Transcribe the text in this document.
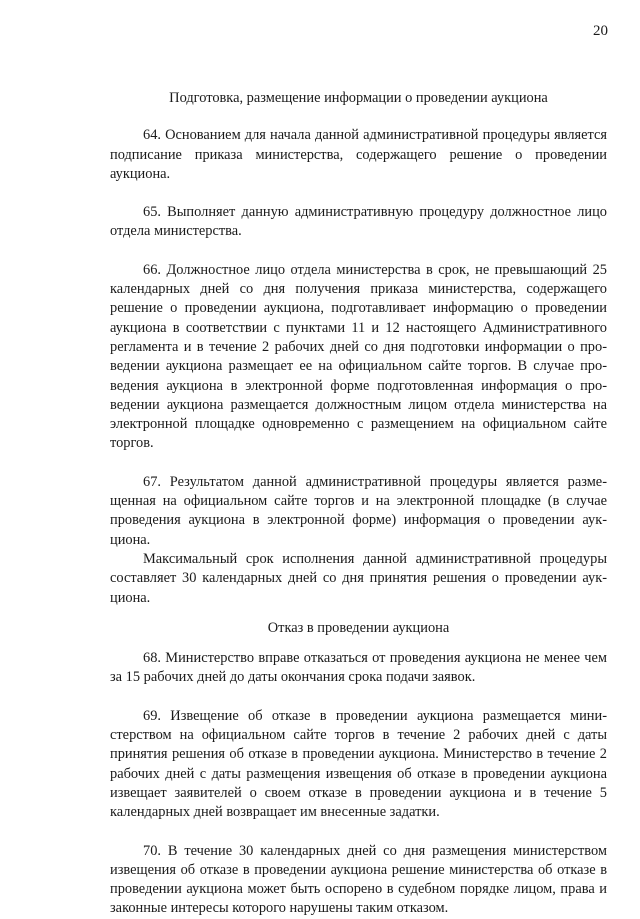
20

Подготовка, размещение информации о проведении аукциона

64. Основанием для начала данной административной процедуры является подписание приказа министерства, содержащего решение о проведении аукциона.

65. Выполняет данную административную процедуру должностное лицо отдела министерства.

66. Должностное лицо отдела министерства в срок, не превышающий 25 календарных дней со дня получения приказа министерства, содержащего решение о проведении аукциона, подготавливает информацию о проведении аукциона в соответствии с пунктами 11 и 12 настоящего Административного регламента и в течение 2 рабочих дней со дня подготовки информации о проведении аукциона размещает ее на официальном сайте торгов. В случае проведения аукциона в электронной форме подготовленная информация о проведении аукциона размещается должностным лицом отдела министерства на электронной площадке одновременно с размещением на официальном сайте торгов.

67. Результатом данной административной процедуры является размещенная на официальном сайте торгов и на электронной площадке (в случае проведения аукциона в электронной форме) информация о проведении аукциона.

Максимальный срок исполнения данной административной процедуры составляет 30 календарных дней со дня принятия решения о проведении аукциона.

Отказ в проведении аукциона

68. Министерство вправе отказаться от проведения аукциона не менее чем за 15 рабочих дней до даты окончания срока подачи заявок.

69. Извещение об отказе в проведении аукциона размещается министерством на официальном сайте торгов в течение 2 рабочих дней с даты принятия решения об отказе в проведении аукциона. Министерство в течение 2 рабочих дней с даты размещения извещения об отказе в проведении аукциона извещает заявителей о своем отказе в проведении аукциона и в течение 5 календарных дней возвращает им внесенные задатки.

70. В течение 30 календарных дней со дня размещения министерством извещения об отказе в проведении аукциона решение министерства об отказе в проведении аукциона может быть оспорено в судебном порядке лицом, права и законные интересы которого нарушены таким отказом.
